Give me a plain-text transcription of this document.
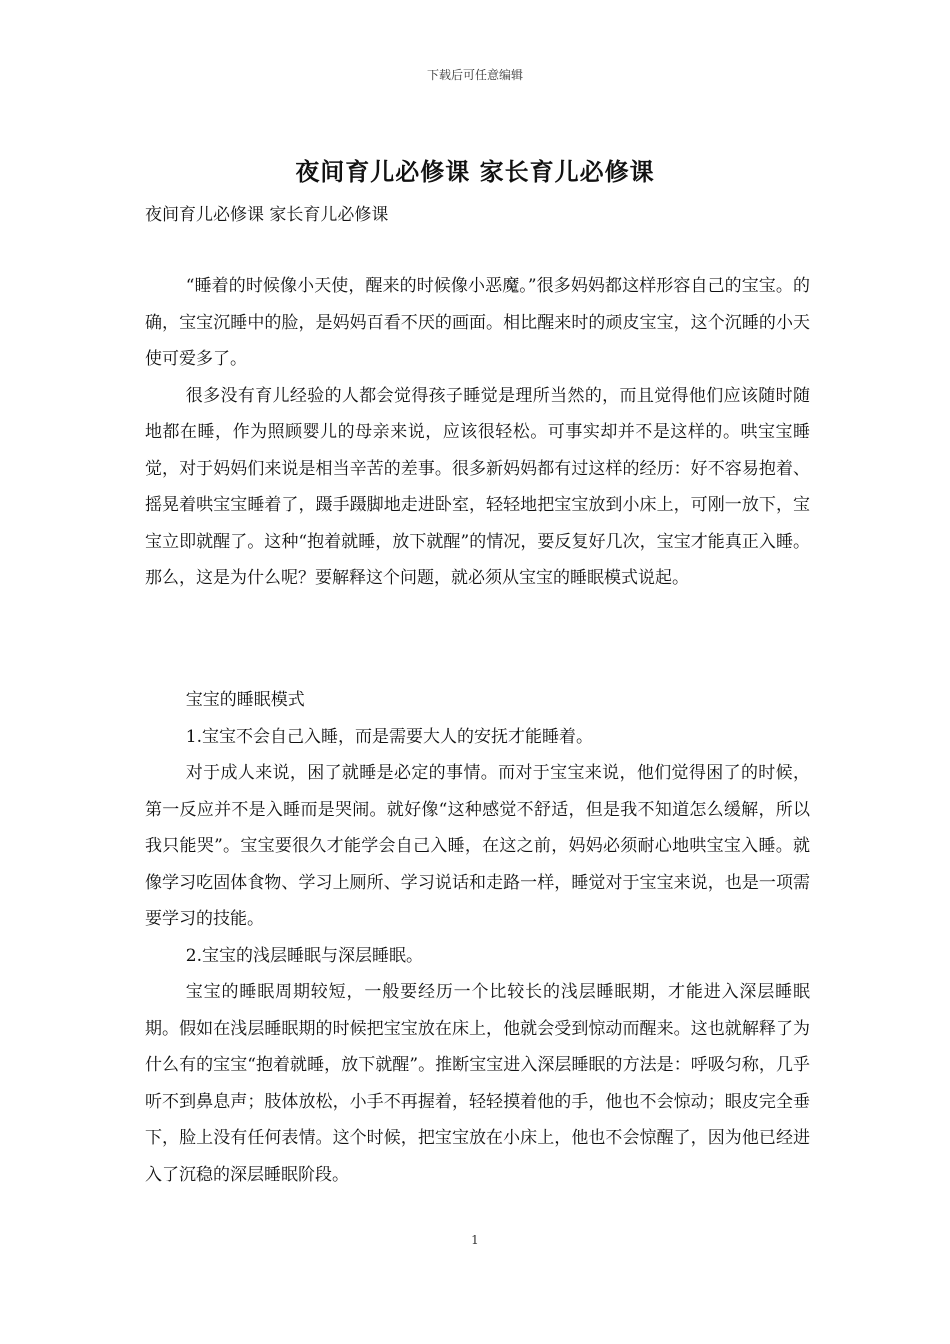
下载后可任意编辑
夜间育儿必修课 家长育儿必修课
夜间育儿必修课 家长育儿必修课

“睡着的时候像小天使，醒来的时候像小恶魔。”很多妈妈都这样形容自己的宝宝。的确，宝宝沉睡中的脸，是妈妈百看不厌的画面。相比醒来时的顽皮宝宝，这个沉睡的小天使可爱多了。

很多没有育儿经验的人都会觉得孩子睡觉是理所当然的，而且觉得他们应该随时随地都在睡，作为照顾婴儿的母亲来说，应该很轻松。可事实却并不是这样的。哄宝宝睡觉，对于妈妈们来说是相当辛苦的差事。很多新妈妈都有过这样的经历：好不容易抱着、摇晃着哄宝宝睡着了，蹑手蹑脚地走进卧室，轻轻地把宝宝放到小床上，可刚一放下，宝宝立即就醒了。这种“抱着就睡，放下就醒”的情况，要反复好几次，宝宝才能真正入睡。那么，这是为什么呢？要解释这个问题，就必须从宝宝的睡眠模式说起。

宝宝的睡眠模式

1.宝宝不会自己入睡，而是需要大人的安抚才能睡着。

对于成人来说，困了就睡是必定的事情。而对于宝宝来说，他们觉得困了的时候，第一反应并不是入睡而是哭闹。就好像“这种感觉不舒适，但是我不知道怎么缓解，所以我只能哭”。宝宝要很久才能学会自己入睡，在这之前，妈妈必须耐心地哄宝宝入睡。就像学习吃固体食物、学习上厕所、学习说话和走路一样，睡觉对于宝宝来说，也是一项需要学习的技能。

2.宝宝的浅层睡眠与深层睡眠。

宝宝的睡眠周期较短，一般要经历一个比较长的浅层睡眠期，才能进入深层睡眠期。假如在浅层睡眠期的时候把宝宝放在床上，他就会受到惊动而醒来。这也就解释了为什么有的宝宝“抱着就睡，放下就醒”。推断宝宝进入深层睡眠的方法是：呼吸匀称，几乎听不到鼻息声；肢体放松，小手不再握着，轻轻摸着他的手，他也不会惊动；眼皮完全垂下，脸上没有任何表情。这个时候，把宝宝放在小床上，他也不会惊醒了，因为他已经进入了沉稳的深层睡眠阶段。

1
